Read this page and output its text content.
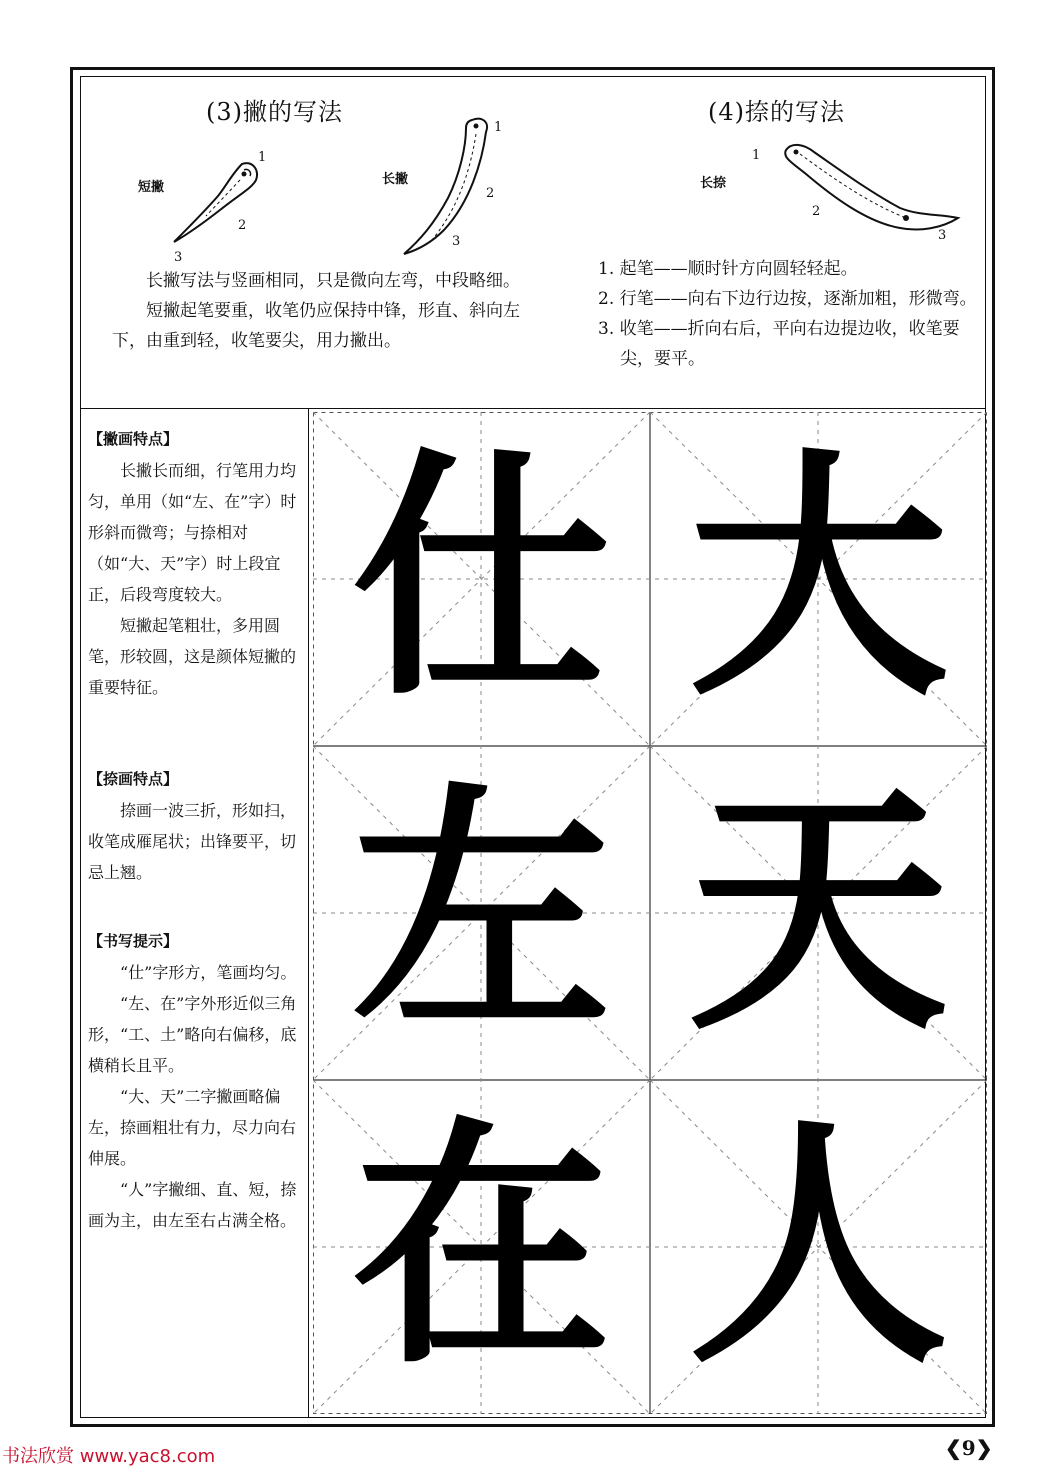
(3)撇的写法
短撇
长撇
1
2
3
1
2
3

长撇写法与竖画相同，只是微向左弯，中段略细。

短撇起笔要重，收笔仍应保持中锋，形直、斜向左下，由重到轻，收笔要尖，用力撇出。

(4)捺的写法
长捺
1
2
3
1. 起笔——顺时针方向圆轻轻起。
2. 行笔——向右下边行边按，逐渐加粗，形微弯。
3. 收笔——折向右后，平向右边提边收，收笔要尖，要平。
【撇画特点】

长撇长而细，行笔用力均匀，单用（如“左、在”字）时形斜而微弯；与捺相对（如“大、天”字）时上段宜正，后段弯度较大。

短撇起笔粗壮，多用圆笔，形较圆，这是颜体短撇的重要特征。

【捺画特点】

捺画一波三折，形如扫，收笔成雁尾状；出锋要平，切忌上翘。

【书写提示】

“仕”字形方，笔画均匀。

“左、在”字外形近似三角形，“工、土”略向右偏移，底横稍长且平。

“大、天”二字撇画略偏左，捺画粗壮有力，尽力向右伸展。

“人”字撇细、直、短，捺画为主，由左至右占满全格。

仕 大
左 天
在 人
书法欣赏 www.yac8.com	❮9❯
